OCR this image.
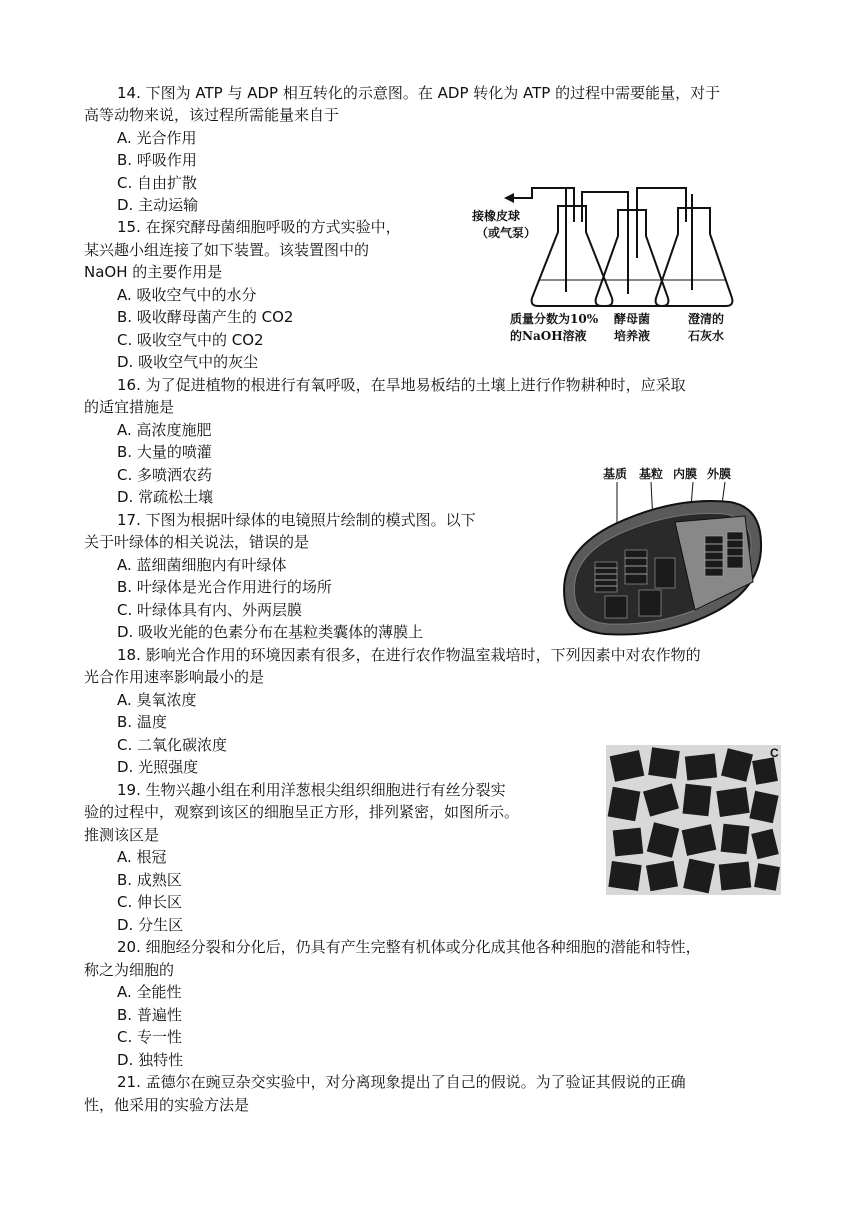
14. 下图为 ATP 与 ADP 相互转化的示意图。在 ADP 转化为 ATP 的过程中需要能量，对于
高等动物来说，该过程所需能量来自于
A. 光合作用
B. 呼吸作用
C. 自由扩散
D. 主动运输
15. 在探究酵母菌细胞呼吸的方式实验中，
某兴趣小组连接了如下装置。该装置图中的
NaOH 的主要作用是
A. 吸收空气中的水分
B. 吸收酵母菌产生的 CO2
C. 吸收空气中的 CO2
D. 吸收空气中的灰尘
16. 为了促进植物的根进行有氧呼吸，在旱地易板结的土壤上进行作物耕种时，应采取
的适宜措施是
A. 高浓度施肥
B. 大量的喷灌
C. 多喷洒农药
D. 常疏松土壤
17. 下图为根据叶绿体的电镜照片绘制的模式图。以下
关于叶绿体的相关说法，错误的是
A. 蓝细菌细胞内有叶绿体
B. 叶绿体是光合作用进行的场所
C. 叶绿体具有内、外两层膜
D. 吸收光能的色素分布在基粒类囊体的薄膜上
18. 影响光合作用的环境因素有很多，在进行农作物温室栽培时，下列因素中对农作物的
光合作用速率影响最小的是
A. 臭氧浓度
B. 温度
C. 二氧化碳浓度
D. 光照强度
19. 生物兴趣小组在利用洋葱根尖组织细胞进行有丝分裂实
验的过程中，观察到该区的细胞呈正方形，排列紧密，如图所示。
推测该区是
A. 根冠
B. 成熟区
C. 伸长区
D. 分生区
20. 细胞经分裂和分化后，仍具有产生完整有机体或分化成其他各种细胞的潜能和特性，
称之为细胞的
A. 全能性
B. 普遍性
C. 专一性
D. 独特性
21. 孟德尔在豌豆杂交实验中，对分离现象提出了自己的假说。为了验证其假说的正确
性，他采用的实验方法是
接橡皮球
（或气泵）
质量分数为10%
的NaOH溶液
酵母菌
培养液
澄清的
石灰水
基质 基粒 内膜 外膜
C
